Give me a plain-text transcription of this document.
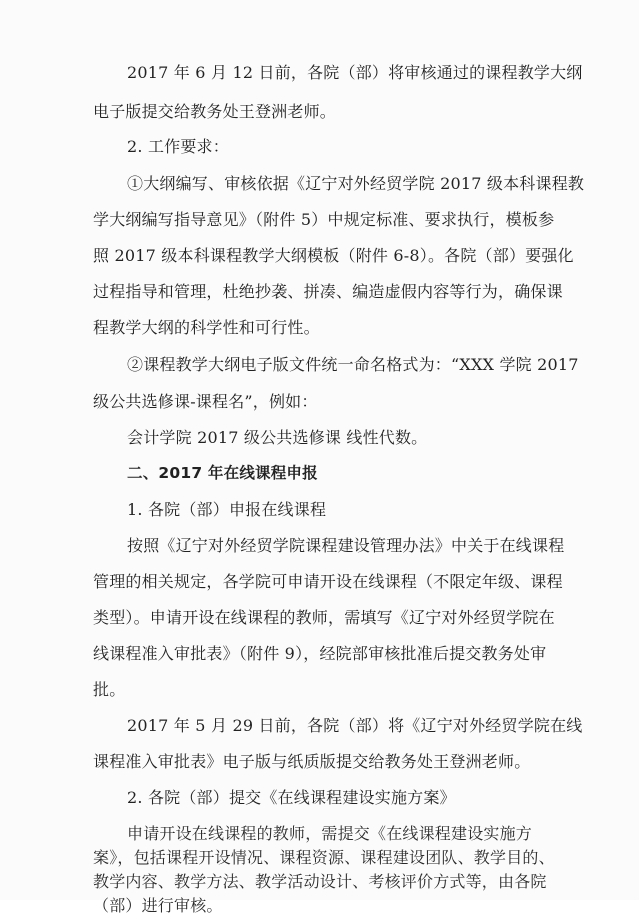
2017 年 6 月 12 日前，各院（部）将审核通过的课程教学大纲
电子版提交给教务处王登洲老师。
2. 工作要求：
①大纲编写、审核依据《辽宁对外经贸学院 2017 级本科课程教
学大纲编写指导意见》（附件 5）中规定标准、要求执行，模板参
照 2017 级本科课程教学大纲模板（附件 6-8）。各院（部）要强化
过程指导和管理，杜绝抄袭、拼凑、编造虚假内容等行为，确保课
程教学大纲的科学性和可行性。
②课程教学大纲电子版文件统一命名格式为：“XXX 学院 2017
级公共选修课-课程名”，例如：
会计学院 2017 级公共选修课 线性代数。
二、2017 年在线课程申报
1. 各院（部）申报在线课程
按照《辽宁对外经贸学院课程建设管理办法》中关于在线课程
管理的相关规定，各学院可申请开设在线课程（不限定年级、课程
类型）。申请开设在线课程的教师，需填写《辽宁对外经贸学院在
线课程准入审批表》（附件 9），经院部审核批准后提交教务处审
批。
2017 年 5 月 29 日前，各院（部）将《辽宁对外经贸学院在线
课程准入审批表》电子版与纸质版提交给教务处王登洲老师。
2. 各院（部）提交《在线课程建设实施方案》
申请开设在线课程的教师，需提交《在线课程建设实施方
案》，包括课程开设情况、课程资源、课程建设团队、教学目的、
教学内容、教学方法、教学活动设计、考核评价方式等，由各院
（部）进行审核。
